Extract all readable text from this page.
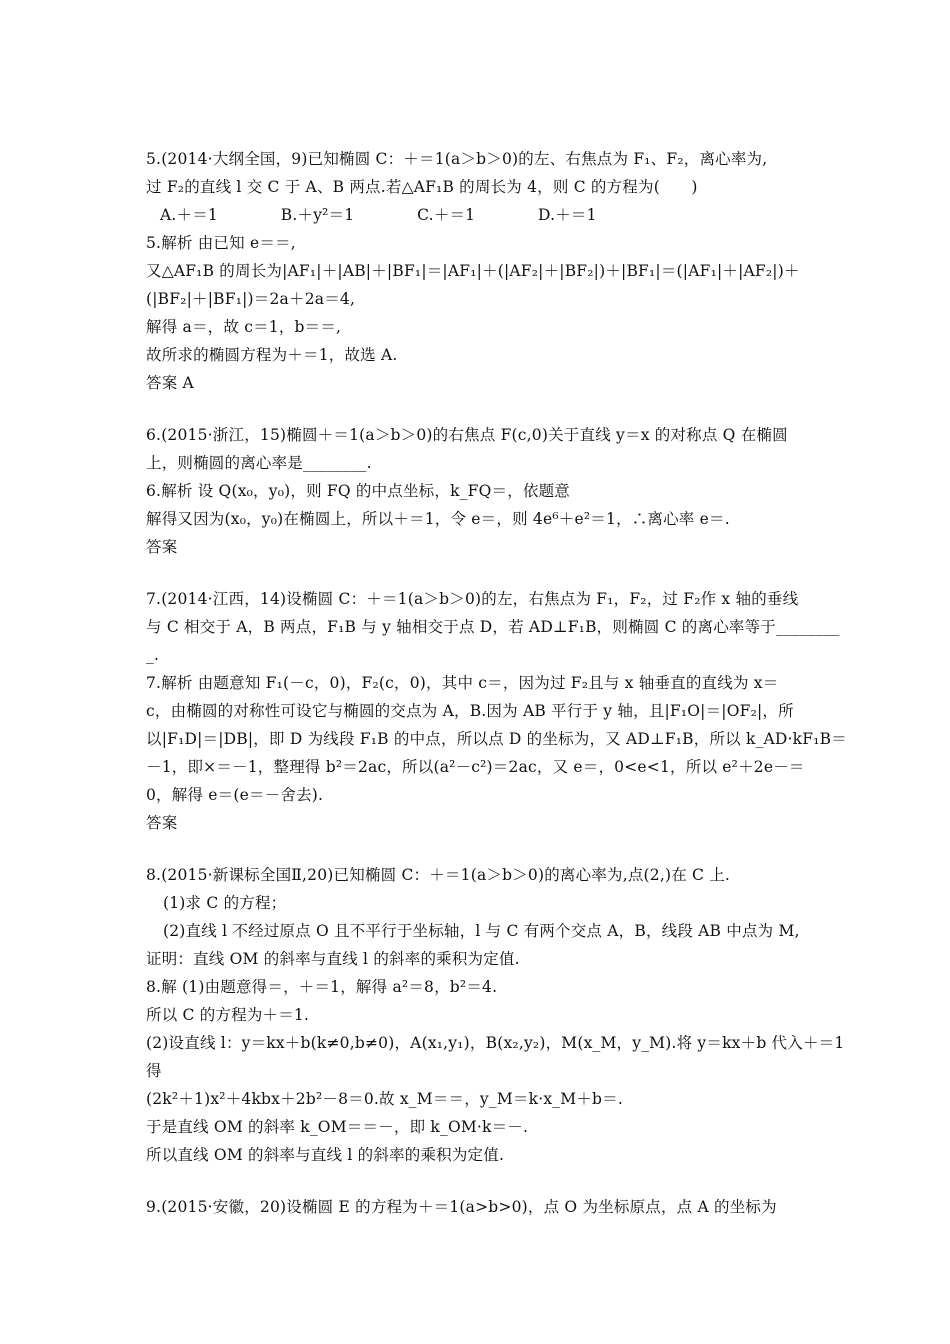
5.(2014·大纲全国，9)已知椭圆 C：＋＝1(a＞b＞0)的左、右焦点为 F₁、F₂，离心率为,
过 F₂的直线 l 交 C 于 A、B 两点.若△AF₁B 的周长为 4，则 C 的方程为(　　)
A.＋＝1　　　　B.＋y²＝1　　　　C.＋＝1　　　　D.＋＝1
5.解析 由已知 e＝＝,
又△AF₁B 的周长为|AF₁|＋|AB|＋|BF₁|＝|AF₁|＋(|AF₂|＋|BF₂|)＋|BF₁|＝(|AF₁|＋|AF₂|)＋
(|BF₂|＋|BF₁|)＝2a＋2a＝4,
解得 a＝，故 c＝1，b＝＝,
故所求的椭圆方程为＋＝1，故选 A.
答案 A
6.(2015·浙江，15)椭圆＋＝1(a＞b＞0)的右焦点 F(c,0)关于直线 y＝x 的对称点 Q 在椭圆
上，则椭圆的离心率是________.
6.解析 设 Q(x₀，y₀)，则 FQ 的中点坐标，k_FQ＝，依题意
解得又因为(x₀，y₀)在椭圆上，所以＋＝1，令 e＝，则 4e⁶＋e²＝1，∴离心率 e＝.
答案
7.(2014·江西，14)设椭圆 C：＋＝1(a＞b＞0)的左，右焦点为 F₁，F₂，过 F₂作 x 轴的垂线
与 C 相交于 A，B 两点，F₁B 与 y 轴相交于点 D，若 AD⊥F₁B，则椭圆 C 的离心率等于________
_.
7.解析 由题意知 F₁(－c，0)，F₂(c，0)，其中 c＝，因为过 F₂且与 x 轴垂直的直线为 x＝
c，由椭圆的对称性可设它与椭圆的交点为 A，B.因为 AB 平行于 y 轴，且|F₁O|＝|OF₂|，所
以|F₁D|＝|DB|，即 D 为线段 F₁B 的中点，所以点 D 的坐标为，又 AD⊥F₁B，所以 k_AD·kF₁B＝
－1，即×＝－1，整理得 b²＝2ac，所以(a²－c²)＝2ac，又 e＝，0<e<1，所以 e²＋2e－＝
0，解得 e＝(e＝－舍去).
答案
8.(2015·新课标全国Ⅱ,20)已知椭圆 C：＋＝1(a＞b＞0)的离心率为,点(2,)在 C 上.
(1)求 C 的方程；
(2)直线 l 不经过原点 O 且不平行于坐标轴，l 与 C 有两个交点 A，B，线段 AB 中点为 M,
证明：直线 OM 的斜率与直线 l 的斜率的乘积为定值.
8.解 (1)由题意得＝，＋＝1，解得 a²＝8，b²＝4.
所以 C 的方程为＋＝1.
(2)设直线 l：y＝kx＋b(k≠0,b≠0)，A(x₁,y₁)，B(x₂,y₂)，M(x_M，y_M).将 y＝kx＋b 代入＋＝1
得
(2k²＋1)x²＋4kbx＋2b²－8＝0.故 x_M＝＝，y_M＝k·x_M＋b＝.
于是直线 OM 的斜率 k_OM＝＝－，即 k_OM·k＝－.
所以直线 OM 的斜率与直线 l 的斜率的乘积为定值.
9.(2015·安徽，20)设椭圆 E 的方程为＋＝1(a>b>0)，点 O 为坐标原点，点 A 的坐标为
